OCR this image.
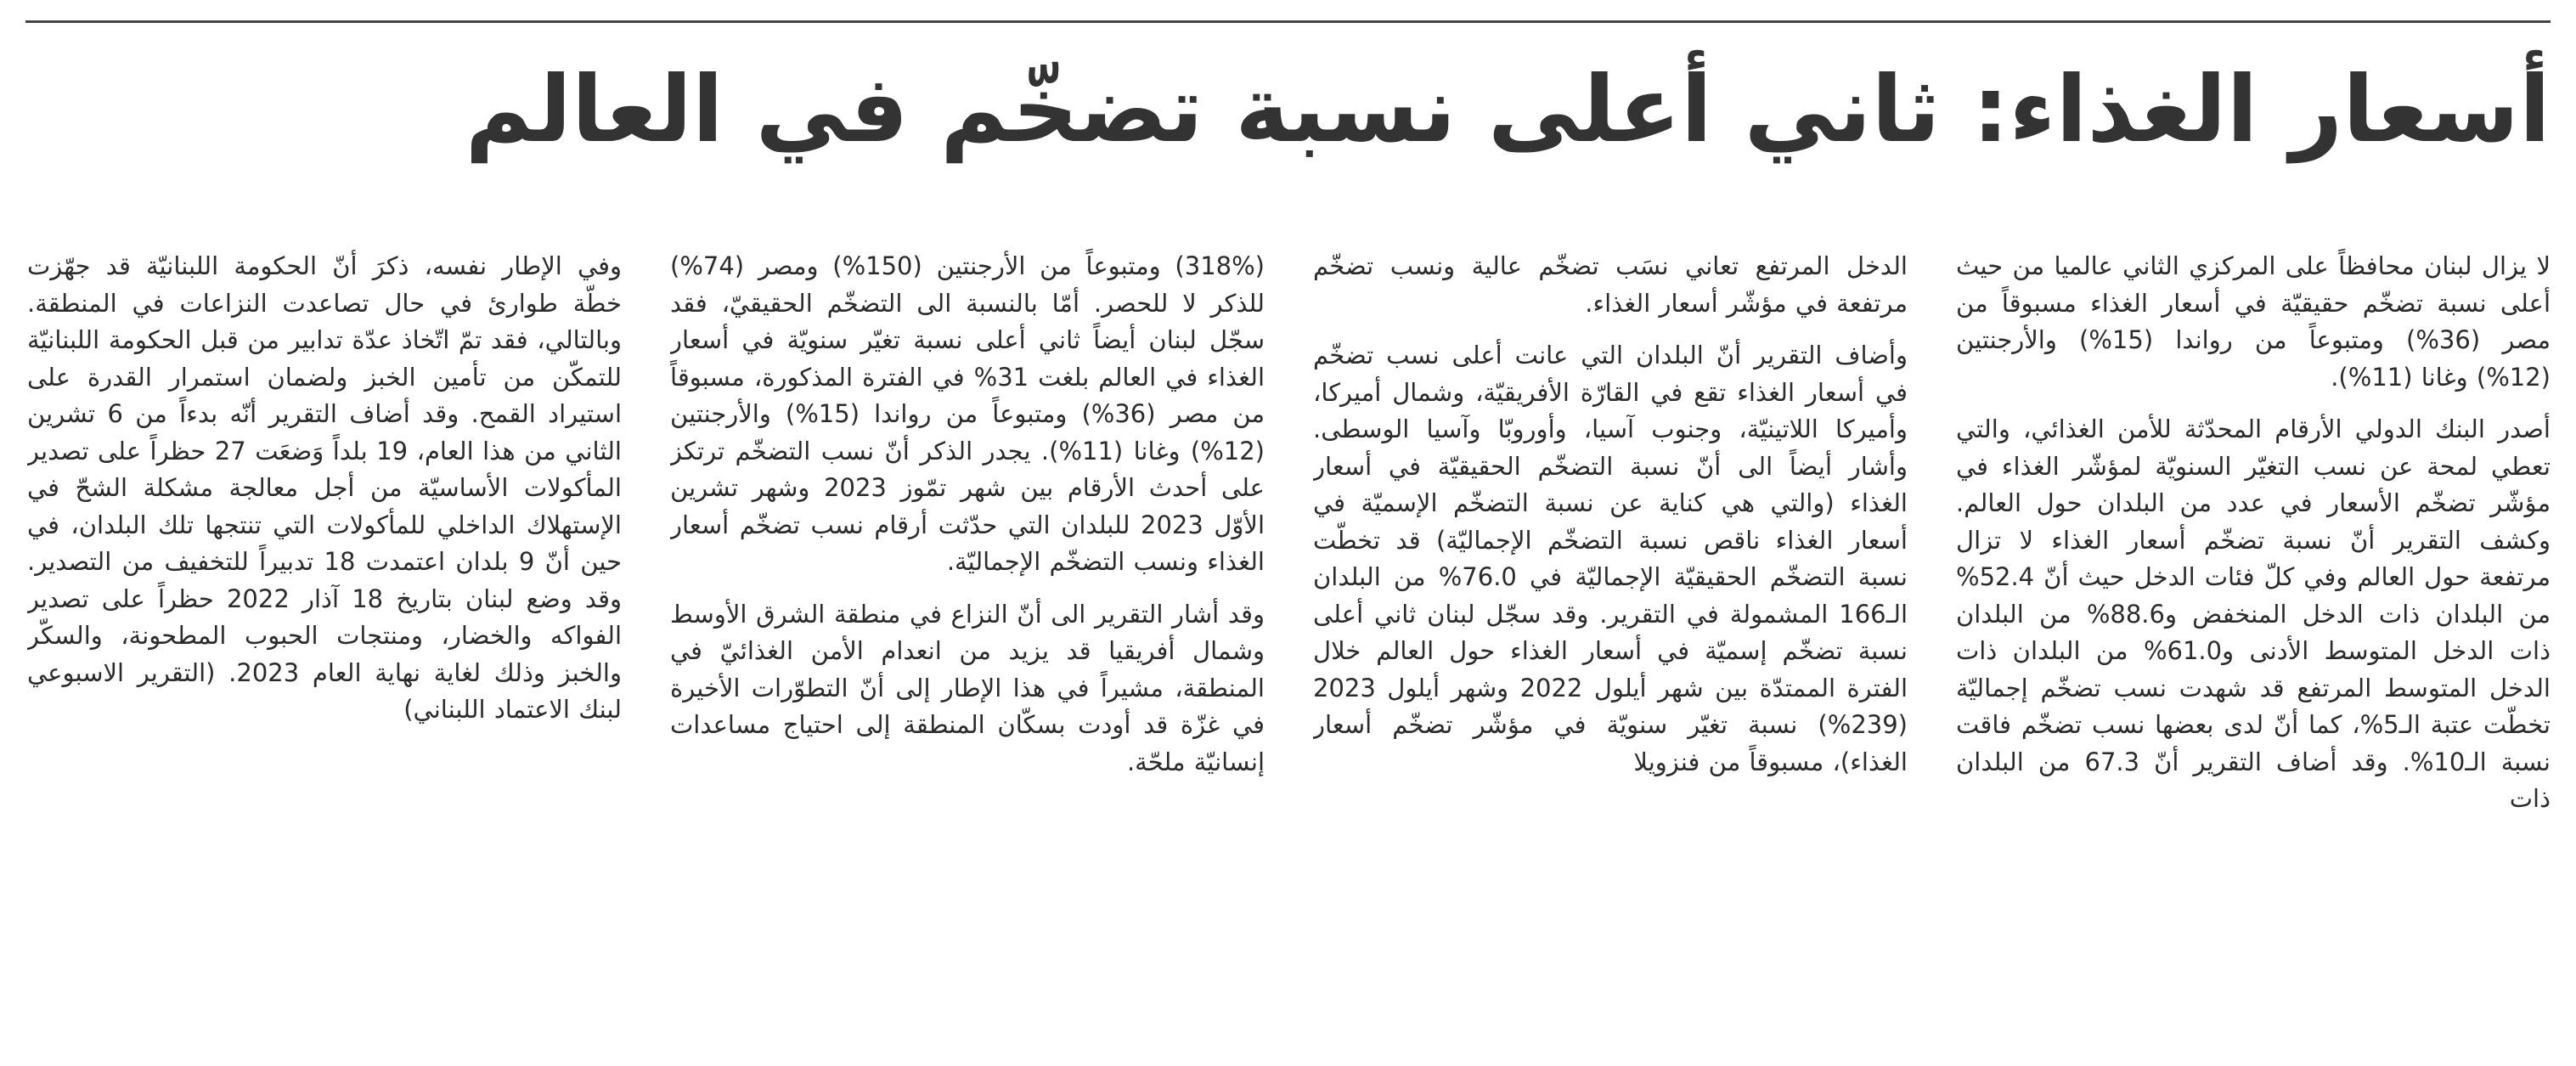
أسعار الغذاء: ثاني أعلى نسبة تضخّم في العالم

لا يزال لبنان محافظاً على المركزي الثاني عالميا من حيث أعلى نسبة تضخّم حقيقيّة في أسعار الغذاء مسبوقاً من مصر (36%) ومتبوعاً من رواندا (15%) والأرجنتين (12%) وغانا (11%).

أصدر البنك الدولي الأرقام المحدّثة للأمن الغذائي، والتي تعطي لمحة عن نسب التغيّر السنويّة لمؤشّر الغذاء في مؤشّر تضخّم الأسعار في عدد من البلدان حول العالم. وكشف التقرير أنّ نسبة تضخّم أسعار الغذاء لا تزال مرتفعة حول العالم وفي كلّ فئات الدخل حيث أنّ 52.4% من البلدان ذات الدخل المنخفض و88.6% من البلدان ذات الدخل المتوسط الأدنى و61.0% من البلدان ذات الدخل المتوسط المرتفع قد شهدت نسب تضخّم إجماليّة تخطّت عتبة الـ5%، كما أنّ لدى بعضها نسب تضخّم فاقت نسبة الـ10%. وقد أضاف التقرير أنّ 67.3 من البلدان ذات

الدخل المرتفع تعاني نسَب تضخّم عالية ونسب تضخّم مرتفعة في مؤشّر أسعار الغذاء.

وأضاف التقرير أنّ البلدان التي عانت أعلى نسب تضخّم في أسعار الغذاء تقع في القارّة الأفريقيّة، وشمال أميركا، وأميركا اللاتينيّة، وجنوب آسيا، وأوروبّا وآسيا الوسطى. وأشار أيضاً الى أنّ نسبة التضخّم الحقيقيّة في أسعار الغذاء (والتي هي كناية عن نسبة التضخّم الإسميّة في أسعار الغذاء ناقص نسبة التضخّم الإجماليّة) قد تخطّت نسبة التضخّم الحقيقيّة الإجماليّة في 76.0% من البلدان الـ166 المشمولة في التقرير. وقد سجّل لبنان ثاني أعلى نسبة تضخّم إسميّة في أسعار الغذاء حول العالم خلال الفترة الممتدّة بين شهر أيلول 2022 وشهر أيلول 2023 (239%) نسبة تغيّر سنويّة في مؤشّر تضخّم أسعار الغذاء)، مسبوقاً من فنزويلا

(318%) ومتبوعاً من الأرجنتين (150%) ومصر (74%) للذكر لا للحصر. أمّا بالنسبة الى التضخّم الحقيقيّ، فقد سجّل لبنان أيضاً ثاني أعلى نسبة تغيّر سنويّة في أسعار الغذاء في العالم بلغت 31% في الفترة المذكورة، مسبوقاً من مصر (36%) ومتبوعاً من رواندا (15%) والأرجنتين (12%) وغانا (11%). يجدر الذكر أنّ نسب التضخّم ترتكز على أحدث الأرقام بين شهر تمّوز 2023 وشهر تشرين الأوّل 2023 للبلدان التي حدّثت أرقام نسب تضخّم أسعار الغذاء ونسب التضخّم الإجماليّة.

وقد أشار التقرير الى أنّ النزاع في منطقة الشرق الأوسط وشمال أفريقيا قد يزيد من انعدام الأمن الغذائيّ في المنطقة، مشيراً في هذا الإطار إلى أنّ التطوّرات الأخيرة في غزّة قد أودت بسكّان المنطقة إلى احتياج مساعدات إنسانيّة ملحّة.

وفي الإطار نفسه، ذكرَ أنّ الحكومة اللبنانيّة قد جهّزت خطّة طوارئ في حال تصاعدت النزاعات في المنطقة. وبالتالي، فقد تمّ اتّخاذ عدّة تدابير من قبل الحكومة اللبنانيّة للتمكّن من تأمين الخبز ولضمان استمرار القدرة على استيراد القمح. وقد أضاف التقرير أنّه بدءاً من 6 تشرين الثاني من هذا العام، 19 بلداً وَضعَت 27 حظراً على تصدير المأكولات الأساسيّة من أجل معالجة مشكلة الشحّ في الإستهلاك الداخلي للمأكولات التي تنتجها تلك البلدان، في حين أنّ 9 بلدان اعتمدت 18 تدبيراً للتخفيف من التصدير. وقد وضع لبنان بتاريخ 18 آذار 2022 حظراً على تصدير الفواكه والخضار، ومنتجات الحبوب المطحونة، والسكّر والخبز وذلك لغاية نهاية العام 2023. (التقرير الاسبوعي لبنك الاعتماد اللبناني)
